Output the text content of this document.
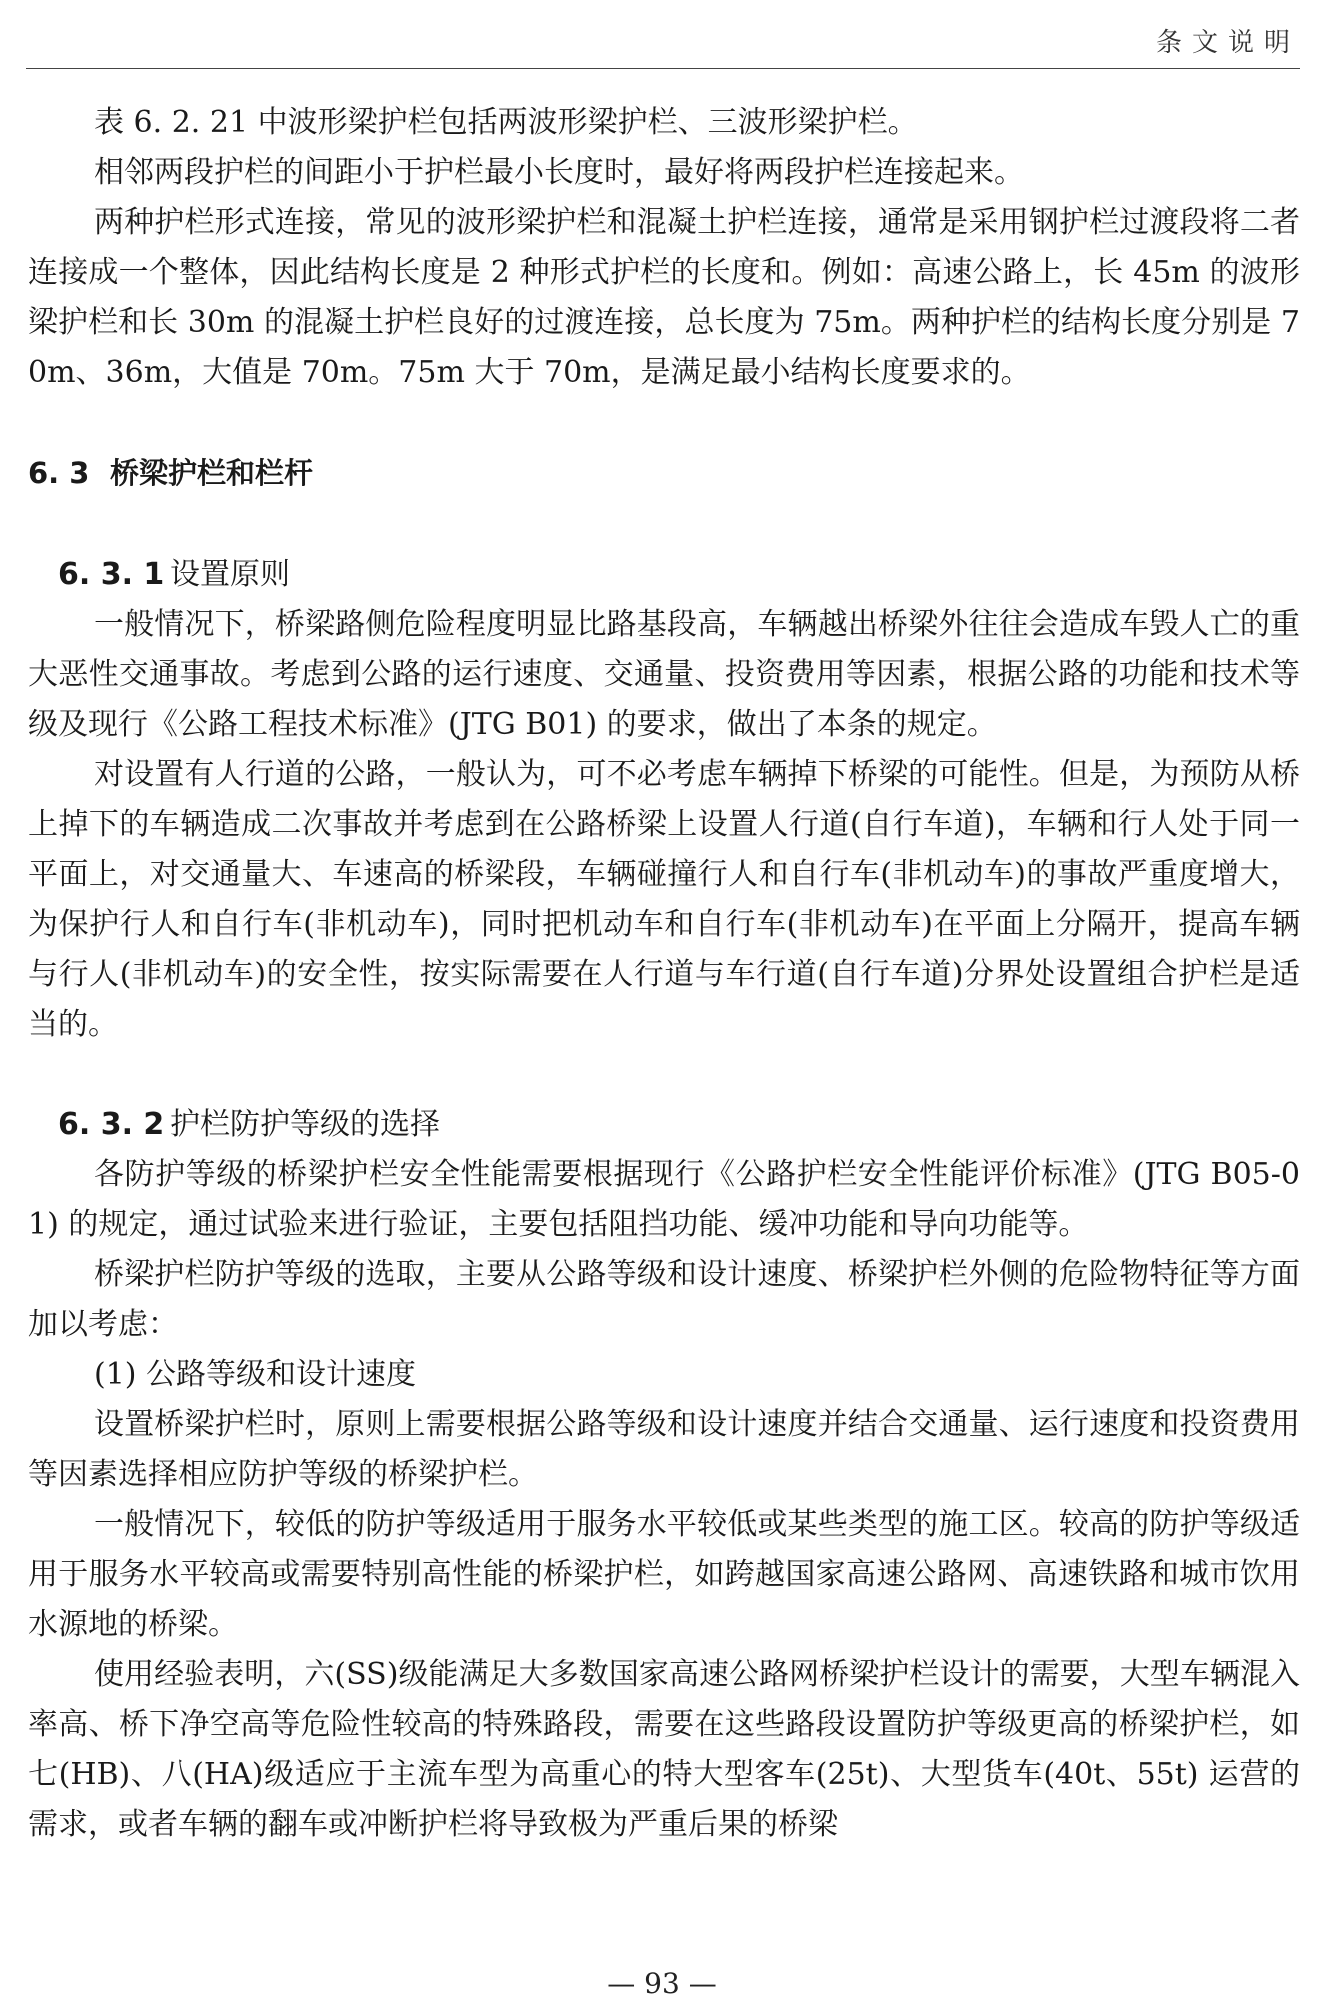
条文说明

表 6. 2. 21 中波形梁护栏包括两波形梁护栏、三波形梁护栏。

相邻两段护栏的间距小于护栏最小长度时，最好将两段护栏连接起来。

两种护栏形式连接，常见的波形梁护栏和混凝土护栏连接，通常是采用钢护栏过渡段将二者连接成一个整体，因此结构长度是 2 种形式护栏的长度和。例如：高速公路上，长 45m 的波形梁护栏和长 30m 的混凝土护栏良好的过渡连接，总长度为 75m。两种护栏的结构长度分别是 70m、36m，大值是 70m。75m 大于 70m，是满足最小结构长度要求的。

6. 3 桥梁护栏和栏杆
6. 3. 1 设置原则

一般情况下，桥梁路侧危险程度明显比路基段高，车辆越出桥梁外往往会造成车毁人亡的重大恶性交通事故。考虑到公路的运行速度、交通量、投资费用等因素，根据公路的功能和技术等级及现行《公路工程技术标准》(JTG B01) 的要求，做出了本条的规定。

对设置有人行道的公路，一般认为，可不必考虑车辆掉下桥梁的可能性。但是，为预防从桥上掉下的车辆造成二次事故并考虑到在公路桥梁上设置人行道(自行车道)，车辆和行人处于同一平面上，对交通量大、车速高的桥梁段，车辆碰撞行人和自行车(非机动车)的事故严重度增大，为保护行人和自行车(非机动车)，同时把机动车和自行车(非机动车)在平面上分隔开，提高车辆与行人(非机动车)的安全性，按实际需要在人行道与车行道(自行车道)分界处设置组合护栏是适当的。

6. 3. 2 护栏防护等级的选择

各防护等级的桥梁护栏安全性能需要根据现行《公路护栏安全性能评价标准》(JTG B05-01) 的规定，通过试验来进行验证，主要包括阻挡功能、缓冲功能和导向功能等。

桥梁护栏防护等级的选取，主要从公路等级和设计速度、桥梁护栏外侧的危险物特征等方面加以考虑：

(1) 公路等级和设计速度

设置桥梁护栏时，原则上需要根据公路等级和设计速度并结合交通量、运行速度和投资费用等因素选择相应防护等级的桥梁护栏。

一般情况下，较低的防护等级适用于服务水平较低或某些类型的施工区。较高的防护等级适用于服务水平较高或需要特别高性能的桥梁护栏，如跨越国家高速公路网、高速铁路和城市饮用水源地的桥梁。

使用经验表明，六(SS)级能满足大多数国家高速公路网桥梁护栏设计的需要，大型车辆混入率高、桥下净空高等危险性较高的特殊路段，需要在这些路段设置防护等级更高的桥梁护栏，如七(HB)、八(HA)级适应于主流车型为高重心的特大型客车(25t)、大型货车(40t、55t) 运营的需求，或者车辆的翻车或冲断护栏将导致极为严重后果的桥梁

— 93 —
